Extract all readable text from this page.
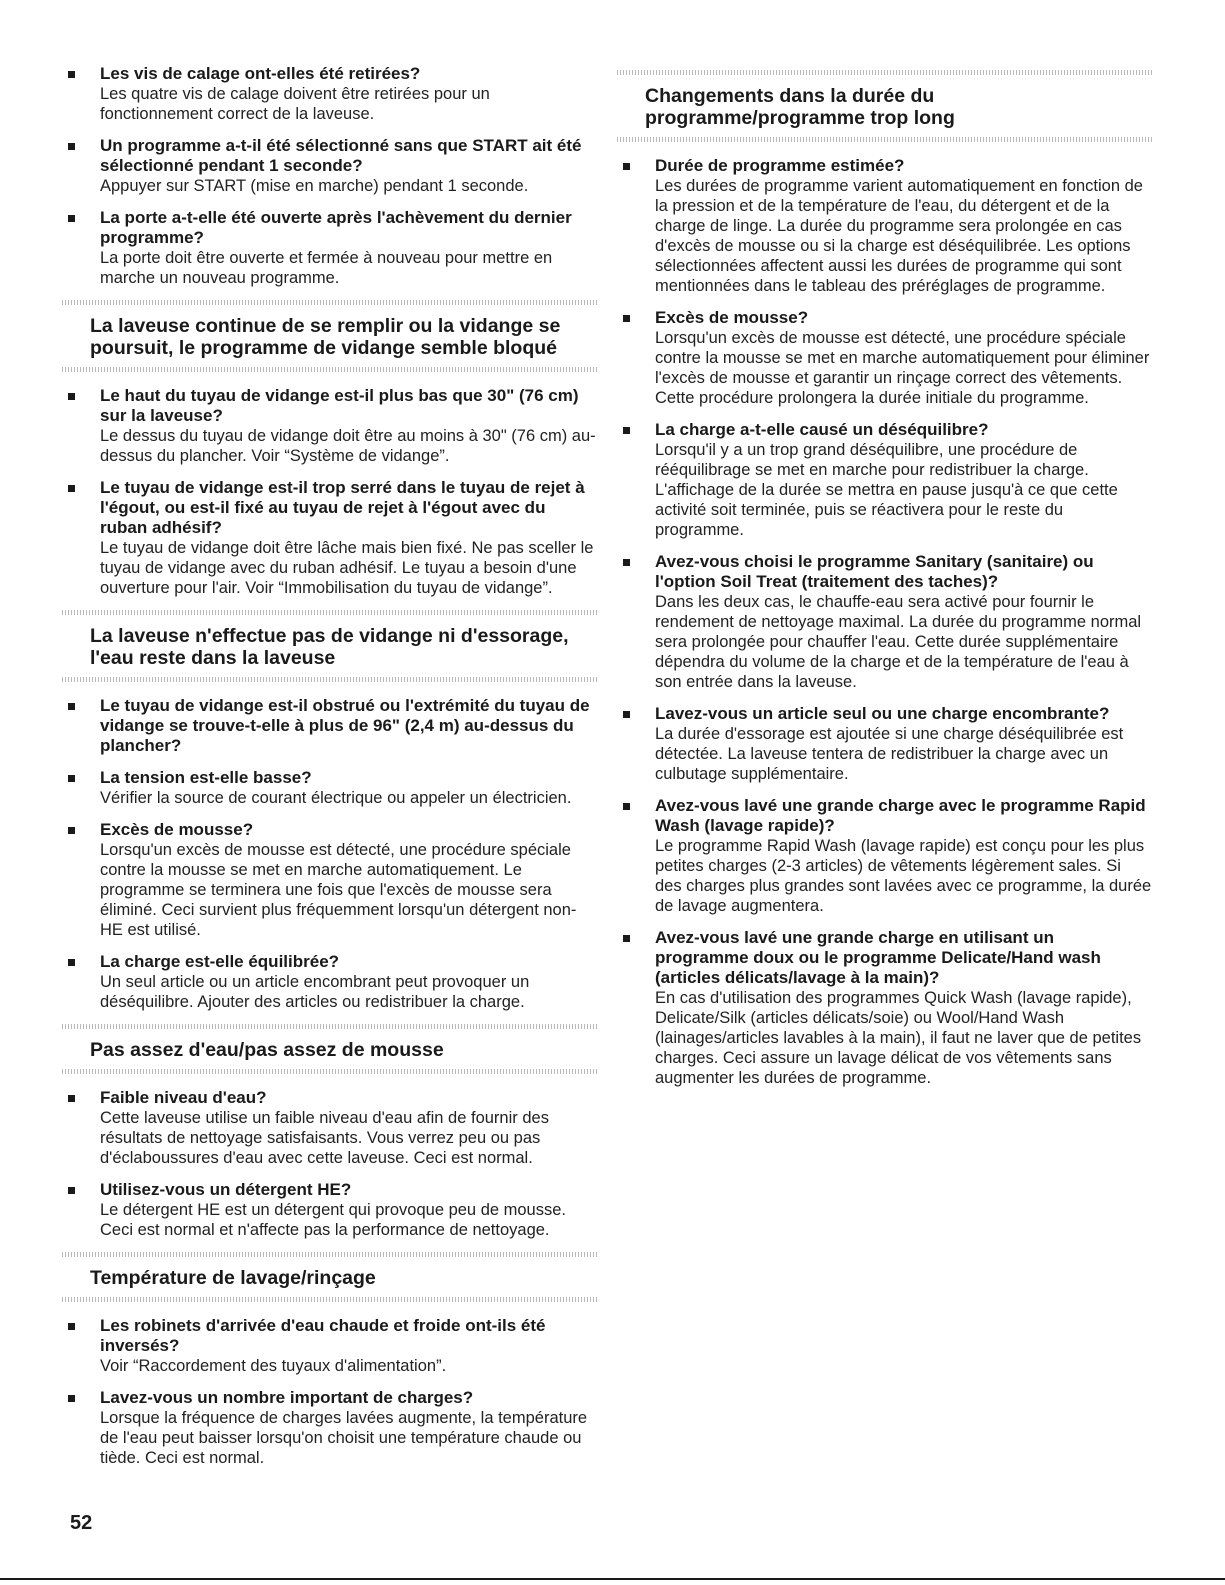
Les vis de calage ont-elles été retirées?

Les quatre vis de calage doivent être retirées pour un fonctionnement correct de la laveuse.

Un programme a-t-il été sélectionné sans que START ait été sélectionné pendant 1 seconde?

Appuyer sur START (mise en marche) pendant 1 seconde.

La porte a-t-elle été ouverte après l'achèvement du dernier programme?

La porte doit être ouverte et fermée à nouveau pour mettre en marche un nouveau programme.

La laveuse continue de se remplir ou la vidange se poursuit, le programme de vidange semble bloqué

Le haut du tuyau de vidange est-il plus bas que 30" (76 cm) sur la laveuse?

Le dessus du tuyau de vidange doit être au moins à 30" (76 cm) au-dessus du plancher. Voir “Système de vidange”.

Le tuyau de vidange est-il trop serré dans le tuyau de rejet à l'égout, ou est-il fixé au tuyau de rejet à l'égout avec du ruban adhésif?

Le tuyau de vidange doit être lâche mais bien fixé. Ne pas sceller le tuyau de vidange avec du ruban adhésif. Le tuyau a besoin d'une ouverture pour l'air. Voir “Immobilisation du tuyau de vidange”.

La laveuse n'effectue pas de vidange ni d'essorage, l'eau reste dans la laveuse

Le tuyau de vidange est-il obstrué ou l'extrémité du tuyau de vidange se trouve-t-elle à plus de 96" (2,4 m) au-dessus du plancher?

La tension est-elle basse?

Vérifier la source de courant électrique ou appeler un électricien.

Excès de mousse?

Lorsqu'un excès de mousse est détecté, une procédure spéciale contre la mousse se met en marche automatiquement. Le programme se terminera une fois que l'excès de mousse sera éliminé. Ceci survient plus fréquemment lorsqu'un détergent non-HE est utilisé.

La charge est-elle équilibrée?

Un seul article ou un article encombrant peut provoquer un déséquilibre. Ajouter des articles ou redistribuer la charge.

Pas assez d'eau/pas assez de mousse

Faible niveau d'eau?

Cette laveuse utilise un faible niveau d'eau afin de fournir des résultats de nettoyage satisfaisants. Vous verrez peu ou pas d'éclaboussures d'eau avec cette laveuse. Ceci est normal.

Utilisez-vous un détergent HE?

Le détergent HE est un détergent qui provoque peu de mousse. Ceci est normal et n'affecte pas la performance de nettoyage.

Température de lavage/rinçage

Les robinets d'arrivée d'eau chaude et froide ont-ils été inversés?

Voir “Raccordement des tuyaux d'alimentation”.

Lavez-vous un nombre important de charges?

Lorsque la fréquence de charges lavées augmente, la température de l'eau peut baisser lorsqu'on choisit une température chaude ou tiède. Ceci est normal.

Changements dans la durée du programme/programme trop long

Durée de programme estimée?

Les durées de programme varient automatiquement en fonction de la pression et de la température de l'eau, du détergent et de la charge de linge. La durée du programme sera prolongée en cas d'excès de mousse ou si la charge est déséquilibrée. Les options sélectionnées affectent aussi les durées de programme qui sont mentionnées dans le tableau des préréglages de programme.

Excès de mousse?

Lorsqu'un excès de mousse est détecté, une procédure spéciale contre la mousse se met en marche automatiquement pour éliminer l'excès de mousse et garantir un rinçage correct des vêtements. Cette procédure prolongera la durée initiale du programme.

La charge a-t-elle causé un déséquilibre?

Lorsqu'il y a un trop grand déséquilibre, une procédure de rééquilibrage se met en marche pour redistribuer la charge. L'affichage de la durée se mettra en pause jusqu'à ce que cette activité soit terminée, puis se réactivera pour le reste du programme.

Avez-vous choisi le programme Sanitary (sanitaire) ou l'option Soil Treat (traitement des taches)?

Dans les deux cas, le chauffe-eau sera activé pour fournir le rendement de nettoyage maximal. La durée du programme normal sera prolongée pour chauffer l'eau. Cette durée supplémentaire dépendra du volume de la charge et de la température de l'eau à son entrée dans la laveuse.

Lavez-vous un article seul ou une charge encombrante?

La durée d'essorage est ajoutée si une charge déséquilibrée est détectée. La laveuse tentera de redistribuer la charge avec un culbutage supplémentaire.

Avez-vous lavé une grande charge avec le programme Rapid Wash (lavage rapide)?

Le programme Rapid Wash (lavage rapide) est conçu pour les plus petites charges (2-3 articles) de vêtements légèrement sales. Si des charges plus grandes sont lavées avec ce programme, la durée de lavage augmentera.

Avez-vous lavé une grande charge en utilisant un programme doux ou le programme Delicate/Hand wash (articles délicats/lavage à la main)?

En cas d'utilisation des programmes Quick Wash (lavage rapide), Delicate/Silk (articles délicats/soie) ou Wool/Hand Wash (lainages/articles lavables à la main), il faut ne laver que de petites charges. Ceci assure un lavage délicat de vos vêtements sans augmenter les durées de programme.

52
